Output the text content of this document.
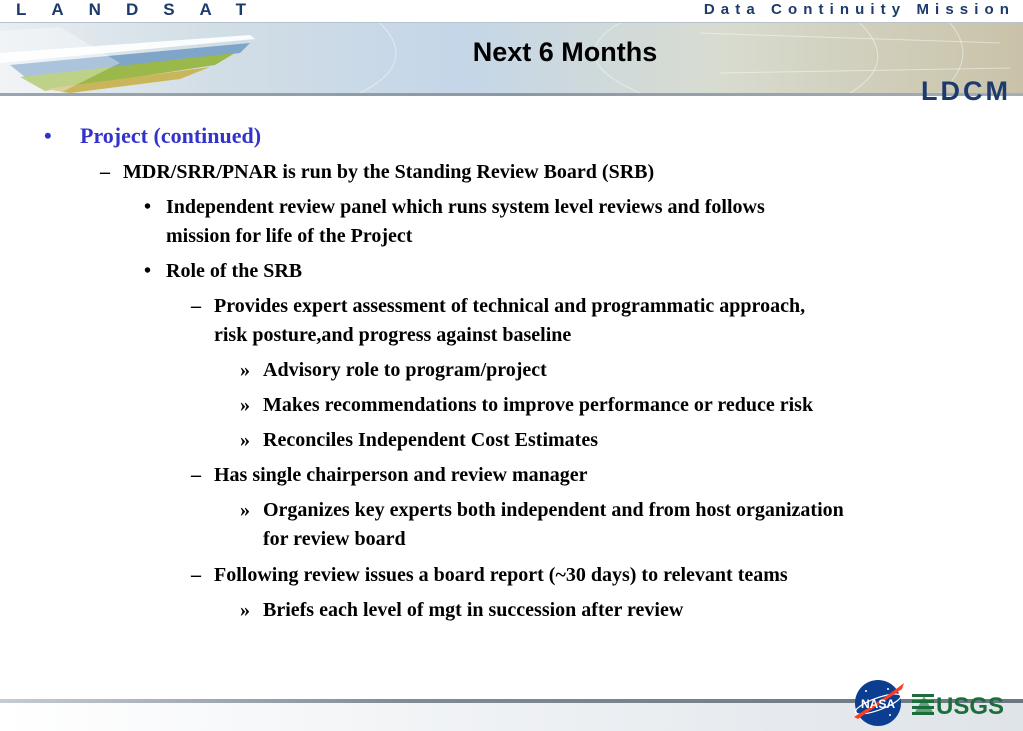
LANDSAT	Data Continuity Mission
Next 6 Months
LDCM
• Project (continued)
– MDR/SRR/PNAR is run by the Standing Review Board (SRB)
• Independent review panel which runs system level reviews and follows
mission for life of the Project
• Role of the SRB
– Provides expert assessment of technical and programmatic approach,
risk posture,and progress against baseline
» Advisory role to program/project
» Makes recommendations to improve performance or reduce risk
» Reconciles Independent Cost Estimates
– Has single chairperson and review manager
» Organizes key experts both independent and from host organization
for review board
– Following review issues a board report (~30 days) to relevant teams
» Briefs each level of mgt in succession after review
NASA USGS
